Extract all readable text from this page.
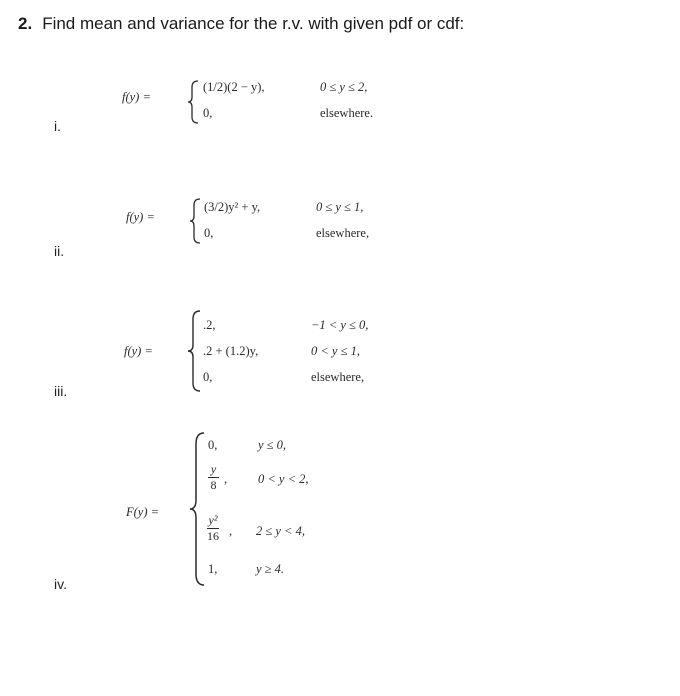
2. Find mean and variance for the r.v. with given pdf or cdf:
i.
f(y) =
(1/2)(2 − y),	0 ≤ y ≤ 2,
0,	elsewhere.
ii.
f(y) =
(3/2)y² + y,	0 ≤ y ≤ 1,
0,	elsewhere,
iii.
f(y) =
.2,	−1 < y ≤ 0,
.2 + (1.2)y,	0 < y ≤ 1,
0,	elsewhere,
iv.
F(y) =
0,	y ≤ 0,
y
8 , 0 < y < 2,
y²
16 , 2 ≤ y < 4,
1,	y ≥ 4.
